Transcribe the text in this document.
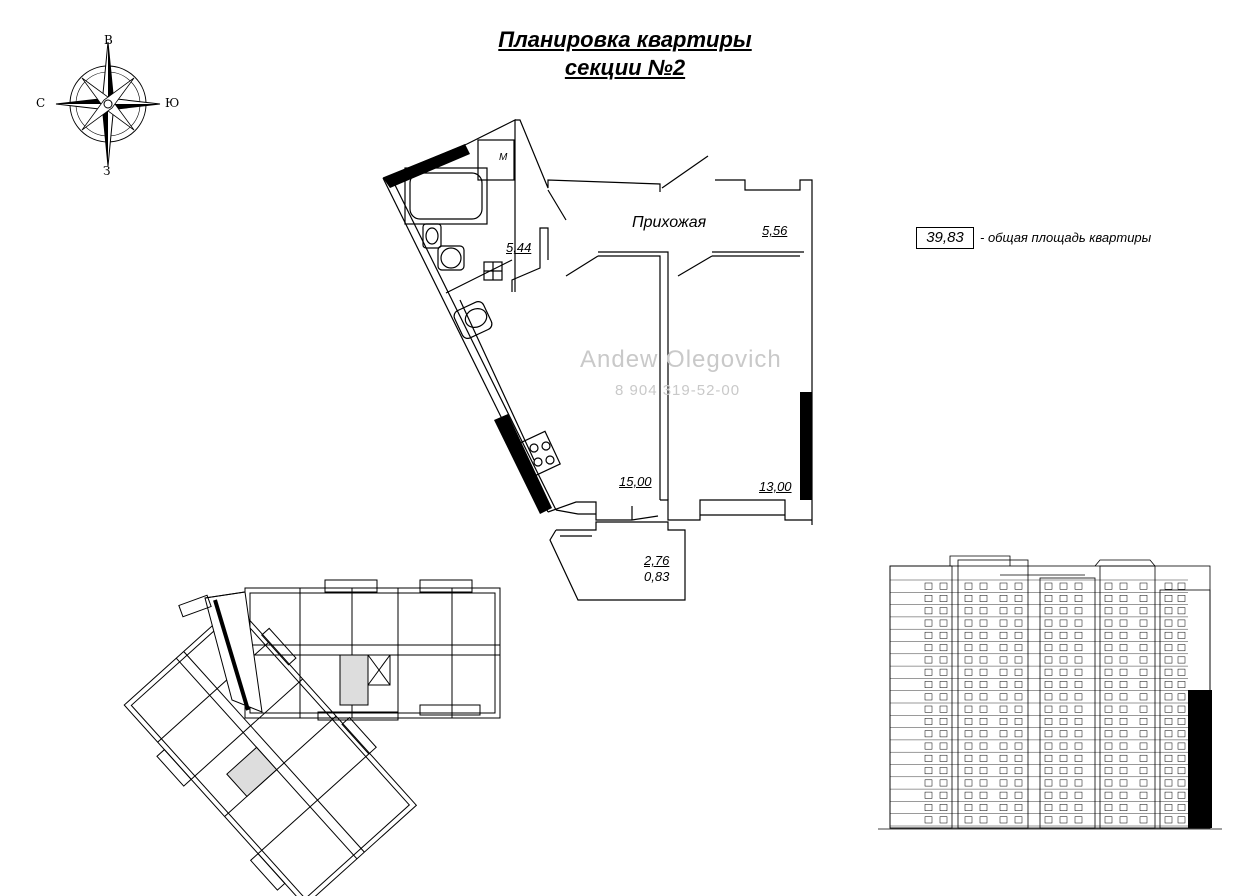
Планировка квартиры
секции №2
В
З
С	Ю
Прихожая	5,56
5,44
М
15,00	13,00
2,76
0,83
39,83	- общая площадь квартиры
Andew Olegovich
8 904 319-52-00
